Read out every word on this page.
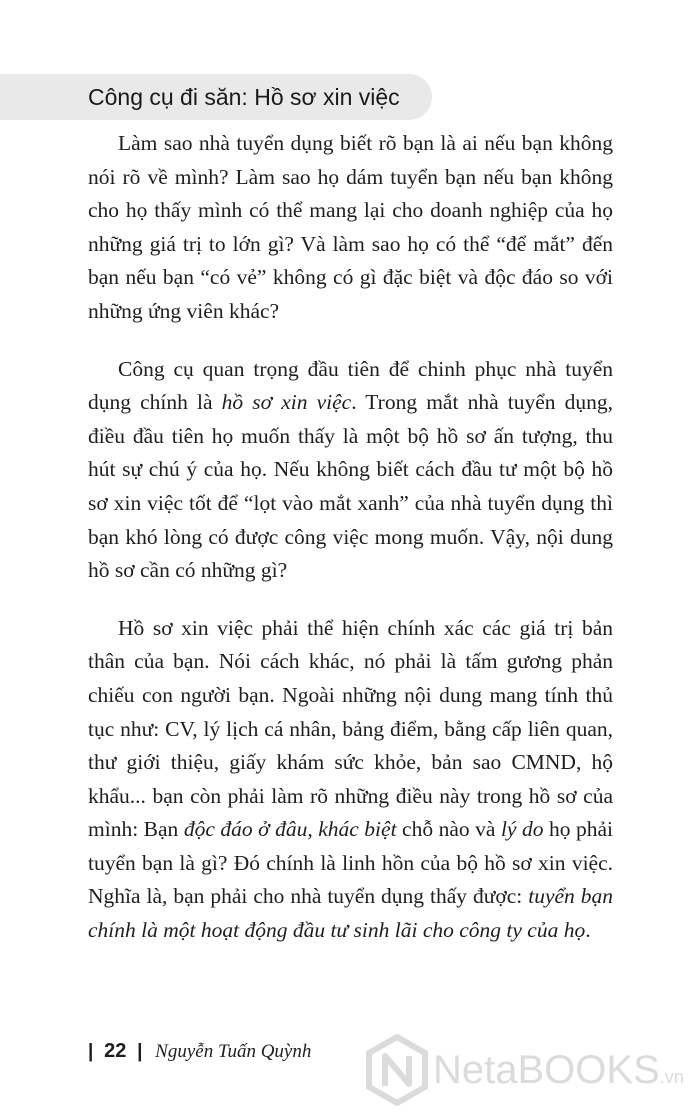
Công cụ đi săn: Hồ sơ xin việc

Làm sao nhà tuyển dụng biết rõ bạn là ai nếu bạn không nói rõ về mình? Làm sao họ dám tuyển bạn nếu bạn không cho họ thấy mình có thể mang lại cho doanh nghiệp của họ những giá trị to lớn gì? Và làm sao họ có thể “để mắt” đến bạn nếu bạn “có vẻ” không có gì đặc biệt và độc đáo so với những ứng viên khác?

Công cụ quan trọng đầu tiên để chinh phục nhà tuyển dụng chính là hồ sơ xin việc. Trong mắt nhà tuyển dụng, điều đầu tiên họ muốn thấy là một bộ hồ sơ ấn tượng, thu hút sự chú ý của họ. Nếu không biết cách đầu tư một bộ hồ sơ xin việc tốt để “lọt vào mắt xanh” của nhà tuyển dụng thì bạn khó lòng có được công việc mong muốn. Vậy, nội dung hồ sơ cần có những gì?

Hồ sơ xin việc phải thể hiện chính xác các giá trị bản thân của bạn. Nói cách khác, nó phải là tấm gương phản chiếu con người bạn. Ngoài những nội dung mang tính thủ tục như: CV, lý lịch cá nhân, bảng điểm, bằng cấp liên quan, thư giới thiệu, giấy khám sức khỏe, bản sao CMND, hộ khẩu... bạn còn phải làm rõ những điều này trong hồ sơ của mình: Bạn độc đáo ở đâu, khác biệt chỗ nào và lý do họ phải tuyển bạn là gì? Đó chính là linh hồn của bộ hồ sơ xin việc. Nghĩa là, bạn phải cho nhà tuyển dụng thấy được: tuyển bạn chính là một hoạt động đầu tư sinh lãi cho công ty của họ.

| 22 | Nguyễn Tuấn Quỳnh	NetaBOOKS.vn
